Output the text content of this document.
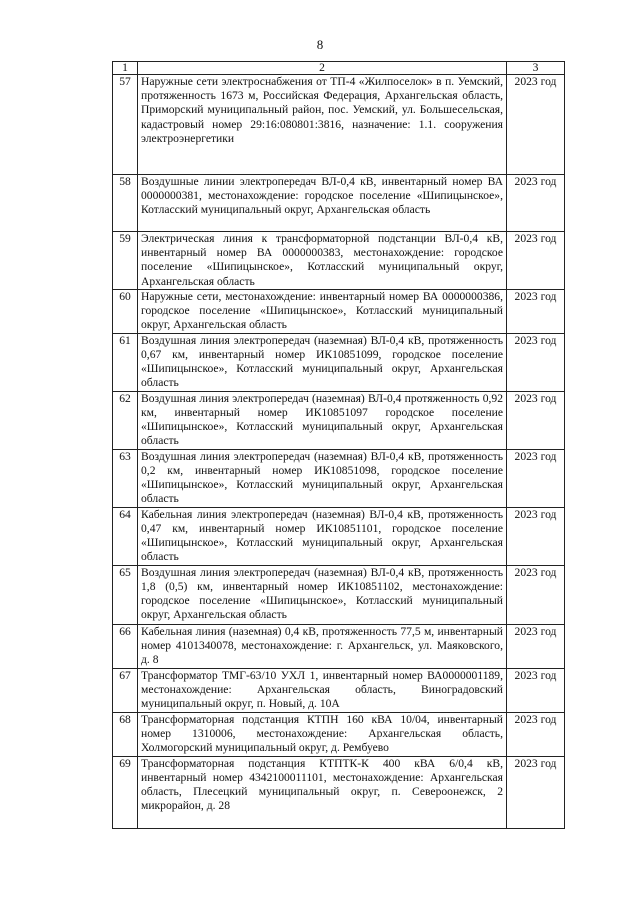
8
1	2	3
57	Наружные сети электроснабжения от ТП-4 «Жилпоселок» в п. Уемский, протяженность 1673 м, Российская Федерация, Архангельская область, Приморский муниципальный район, пос. Уемский, ул. Большесельская, кадастровый номер 29:16:080801:3816, назначение: 1.1. сооружения электроэнергетики	2023 год
58	Воздушные линии электропередач ВЛ-0,4 кВ, инвентарный номер ВА 0000000381, местонахождение: городское поселение «Шипицынское», Котласский муниципальный округ, Архангельская область	2023 год
59	Электрическая линия к трансформаторной подстанции ВЛ-0,4 кВ, инвентарный номер ВА 0000000383, местонахождение: городское поселение «Шипицынское», Котласский муниципальный округ, Архангельская область	2023 год
60	Наружные сети, местонахождение: инвентарный номер ВА 0000000386, городское поселение «Шипицынское», Котласский муниципальный округ, Архангельская область	2023 год
61	Воздушная линия электропередач (наземная) ВЛ-0,4 кВ, протяженность 0,67 км, инвентарный номер ИК10851099, городское поселение «Шипицынское», Котласский муниципальный округ, Архангельская область	2023 год
62	Воздушная линия электропередач (наземная) ВЛ-0,4 протяженность 0,92 км, инвентарный номер ИК10851097 городское поселение «Шипицынское», Котласский муниципальный округ, Архангельская область	2023 год
63	Воздушная линия электропередач (наземная) ВЛ-0,4 кВ, протяженность 0,2 км, инвентарный номер ИК10851098, городское поселение «Шипицынское», Котласский муниципальный округ, Архангельская область	2023 год
64	Кабельная линия электропередач (наземная) ВЛ-0,4 кВ, протяженность 0,47 км, инвентарный номер ИК10851101, городское поселение «Шипицынское», Котласский муниципальный округ, Архангельская область	2023 год
65	Воздушная линия электропередач (наземная) ВЛ-0,4 кВ, протяженность 1,8 (0,5) км, инвентарный номер ИК10851102, местонахождение: городское поселение «Шипицынское», Котласский муниципальный округ, Архангельская область	2023 год
66	Кабельная линия (наземная) 0,4 кВ, протяженность 77,5 м, инвентарный номер 4101340078, местонахождение: г. Архангельск, ул. Маяковского, д. 8	2023 год
67	Трансформатор ТМГ-63/10 УХЛ 1, инвентарный номер ВА0000001189, местонахождение: Архангельская область, Виноградовский муниципальный округ, п. Новый, д. 10А	2023 год
68	Трансформаторная подстанция КТПН 160 кВА 10/04, инвентарный номер 1310006, местонахождение: Архангельская область, Холмогорский муниципальный округ, д. Рембуево	2023 год
69	Трансформаторная подстанция КТПТК-К 400 кВА 6/0,4 кВ, инвентарный номер 4342100011101, местонахождение: Архангельская область, Плесецкий муниципальный округ, п. Североонежск, 2 микрорайон, д. 28	2023 год
